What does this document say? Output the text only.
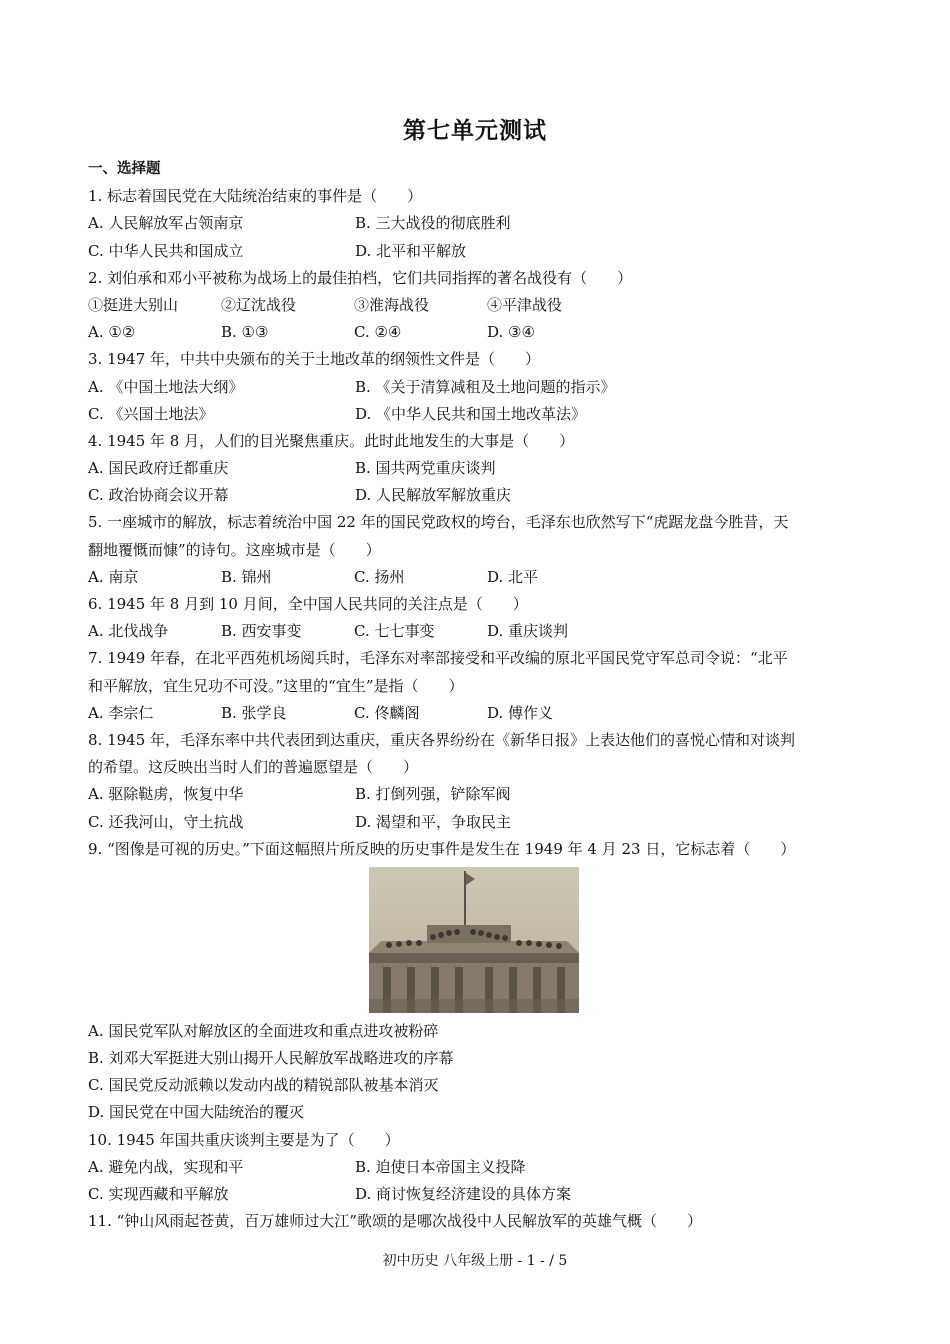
第七单元测试
一、选择题
1. 标志着国民党在大陆统治结束的事件是（　　）
A. 人民解放军占领南京	B. 三大战役的彻底胜利
C. 中华人民共和国成立	D. 北平和平解放
2. 刘伯承和邓小平被称为战场上的最佳拍档，它们共同指挥的著名战役有（　　）
①挺进大别山	②辽沈战役	③淮海战役	④平津战役
A. ①②	B. ①③	C. ②④	D. ③④
3. 1947 年，中共中央颁布的关于土地改革的纲领性文件是（　　）
A. 《中国土地法大纲》	B. 《关于清算减租及土地问题的指示》
C. 《兴国土地法》	D. 《中华人民共和国土地改革法》
4. 1945 年 8 月，人们的目光聚焦重庆。此时此地发生的大事是（　　）
A. 国民政府迁都重庆	B. 国共两党重庆谈判
C. 政治协商会议开幕	D. 人民解放军解放重庆
5. 一座城市的解放，标志着统治中国 22 年的国民党政权的垮台，毛泽东也欣然写下“虎踞龙盘今胜昔，天
翻地覆慨而慷”的诗句。这座城市是（　　）
A. 南京	B. 锦州	C. 扬州	D. 北平
6. 1945 年 8 月到 10 月间，全中国人民共同的关注点是（　　）
A. 北伐战争	B. 西安事变	C. 七七事变	D. 重庆谈判
7. 1949 年春，在北平西苑机场阅兵时，毛泽东对率部接受和平改编的原北平国民党守军总司令说：“北平
和平解放，宜生兄功不可没。”这里的“宜生”是指（　　）
A. 李宗仁	B. 张学良	C. 佟麟阁	D. 傅作义
8. 1945 年，毛泽东率中共代表团到达重庆，重庆各界纷纷在《新华日报》上表达他们的喜悦心情和对谈判
的希望。这反映出当时人们的普遍愿望是（　　）
A. 驱除鞑虏，恢复中华	B. 打倒列强，铲除军阀
C. 还我河山，守土抗战	D. 渴望和平，争取民主
9. “图像是可视的历史。”下面这幅照片所反映的历史事件是发生在 1949 年 4 月 23 日，它标志着（　　）
A. 国民党军队对解放区的全面进攻和重点进攻被粉碎
B. 刘邓大军挺进大别山揭开人民解放军战略进攻的序幕
C. 国民党反动派赖以发动内战的精锐部队被基本消灭
D. 国民党在中国大陆统治的覆灭
10. 1945 年国共重庆谈判主要是为了（　　）
A. 避免内战，实现和平	B. 迫使日本帝国主义投降
C. 实现西藏和平解放	D. 商讨恢复经济建设的具体方案
11. “钟山风雨起苍黄，百万雄师过大江”歌颂的是哪次战役中人民解放军的英雄气概（　　）
初中历史 八年级上册 - 1 - / 5
